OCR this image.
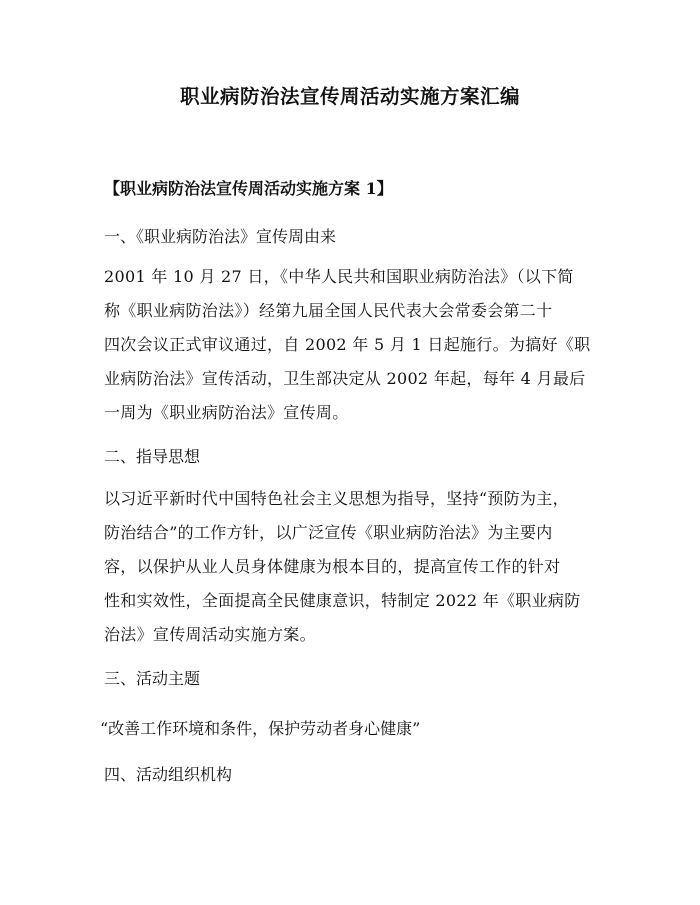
职业病防治法宣传周活动实施方案汇编
【职业病防治法宣传周活动实施方案 1】
一、《职业病防治法》宣传周由来
2001 年 10 月 27 日，《中华人民共和国职业病防治法》（以下简
称《职业病防治法》）经第九届全国人民代表大会常委会第二十
四次会议正式审议通过，自 2002 年 5 月 1 日起施行。为搞好《职
业病防治法》宣传活动，卫生部决定从 2002 年起，每年 4 月最后
一周为《职业病防治法》宣传周。
二、指导思想
以习近平新时代中国特色社会主义思想为指导，坚持“预防为主，
防治结合”的工作方针，以广泛宣传《职业病防治法》为主要内
容，以保护从业人员身体健康为根本目的，提高宣传工作的针对
性和实效性，全面提高全民健康意识，特制定 2022 年《职业病防
治法》宣传周活动实施方案。
三、活动主题
“改善工作环境和条件，保护劳动者身心健康”
四、活动组织机构
